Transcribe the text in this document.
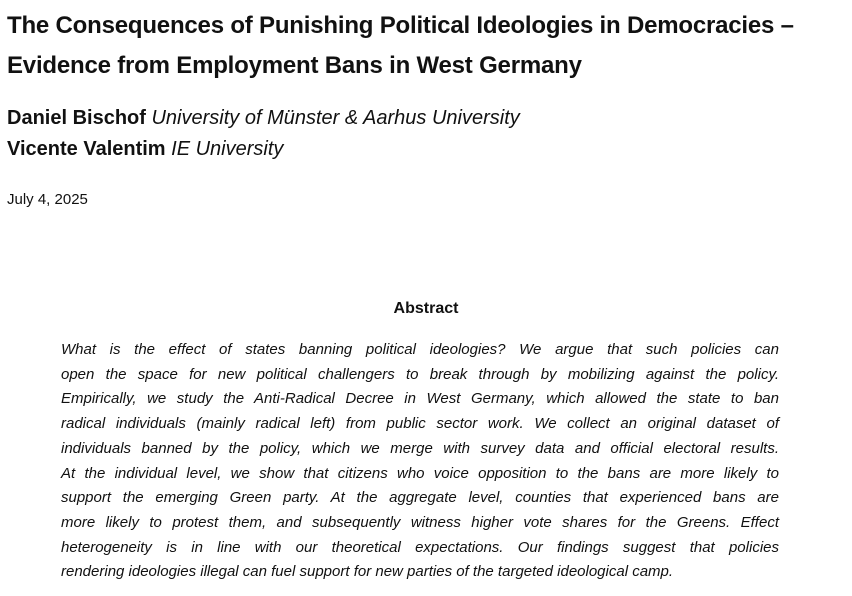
The Consequences of Punishing Political Ideologies in Democracies –
Evidence from Employment Bans in West Germany
Daniel Bischof University of Münster & Aarhus University
Vicente Valentim IE University
July 4, 2025
Abstract
What is the effect of states banning political ideologies? We argue that such policies can
open the space for new political challengers to break through by mobilizing against the policy.
Empirically, we study the Anti-Radical Decree in West Germany, which allowed the state to ban
radical individuals (mainly radical left) from public sector work. We collect an original dataset of
individuals banned by the policy, which we merge with survey data and official electoral results.
At the individual level, we show that citizens who voice opposition to the bans are more likely to
support the emerging Green party. At the aggregate level, counties that experienced bans are
more likely to protest them, and subsequently witness higher vote shares for the Greens. Effect
heterogeneity is in line with our theoretical expectations. Our findings suggest that policies
rendering ideologies illegal can fuel support for new parties of the targeted ideological camp.
